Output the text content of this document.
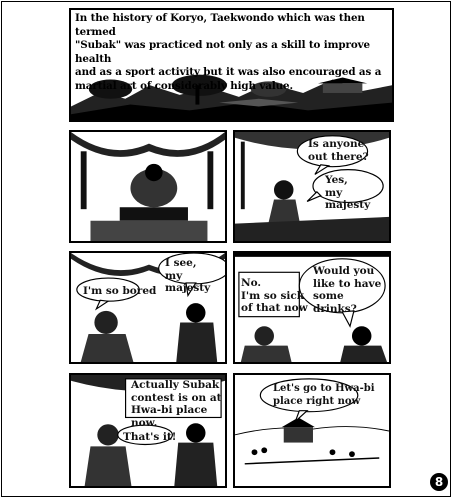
In the history of Koryo, Taekwondo which was then termed
"Subak" was practiced not only as a skill to improve health
and as a sport activity but it was also encouraged as a
martial art of considerably high value.
Is anyone
out there?
Yes,
my majesty
I'm so bored
I see,
my majesty	No.
I'm so sick
of that now
Would you
like to have
some drinks?
Actually Subak
contest is on at
Hwa-bi place now.
That's it!
Let's go to Hwa-bi
place right now
8
